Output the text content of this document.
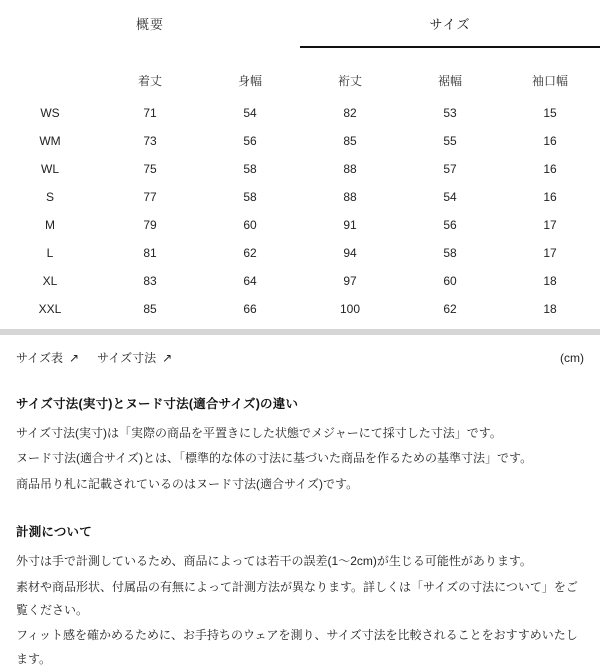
概要	サイズ
	着丈	身幅	裄丈	裾幅	袖口幅
WS	71	54	82	53	15
WM	73	56	85	55	16
WL	75	58	88	57	16
S	77	58	88	54	16
M	79	60	91	56	17
L	81	62	94	58	17
XL	83	64	97	60	18
XXL	85	66	100	62	18
サイズ表 ↗ サイズ寸法 ↗	(cm)
サイズ寸法(実寸)とヌード寸法(適合サイズ)の違い

サイズ寸法(実寸)は「実際の商品を平置きにした状態でメジャーにて採寸した寸法」です。

ヌード寸法(適合サイズ)とは、「標準的な体の寸法に基づいた商品を作るための基準寸法」です。

商品吊り札に記載されているのはヌード寸法(適合サイズ)です。

計測について

外寸は手で計測しているため、商品によっては若干の誤差(1〜2cm)が生じる可能性があります。

素材や商品形状、付属品の有無によって計測方法が異なります。詳しくは「サイズの寸法について」をご覧ください。

フィット感を確かめるために、お手持ちのウェアを測り、サイズ寸法を比較されることをおすすめいたします。
